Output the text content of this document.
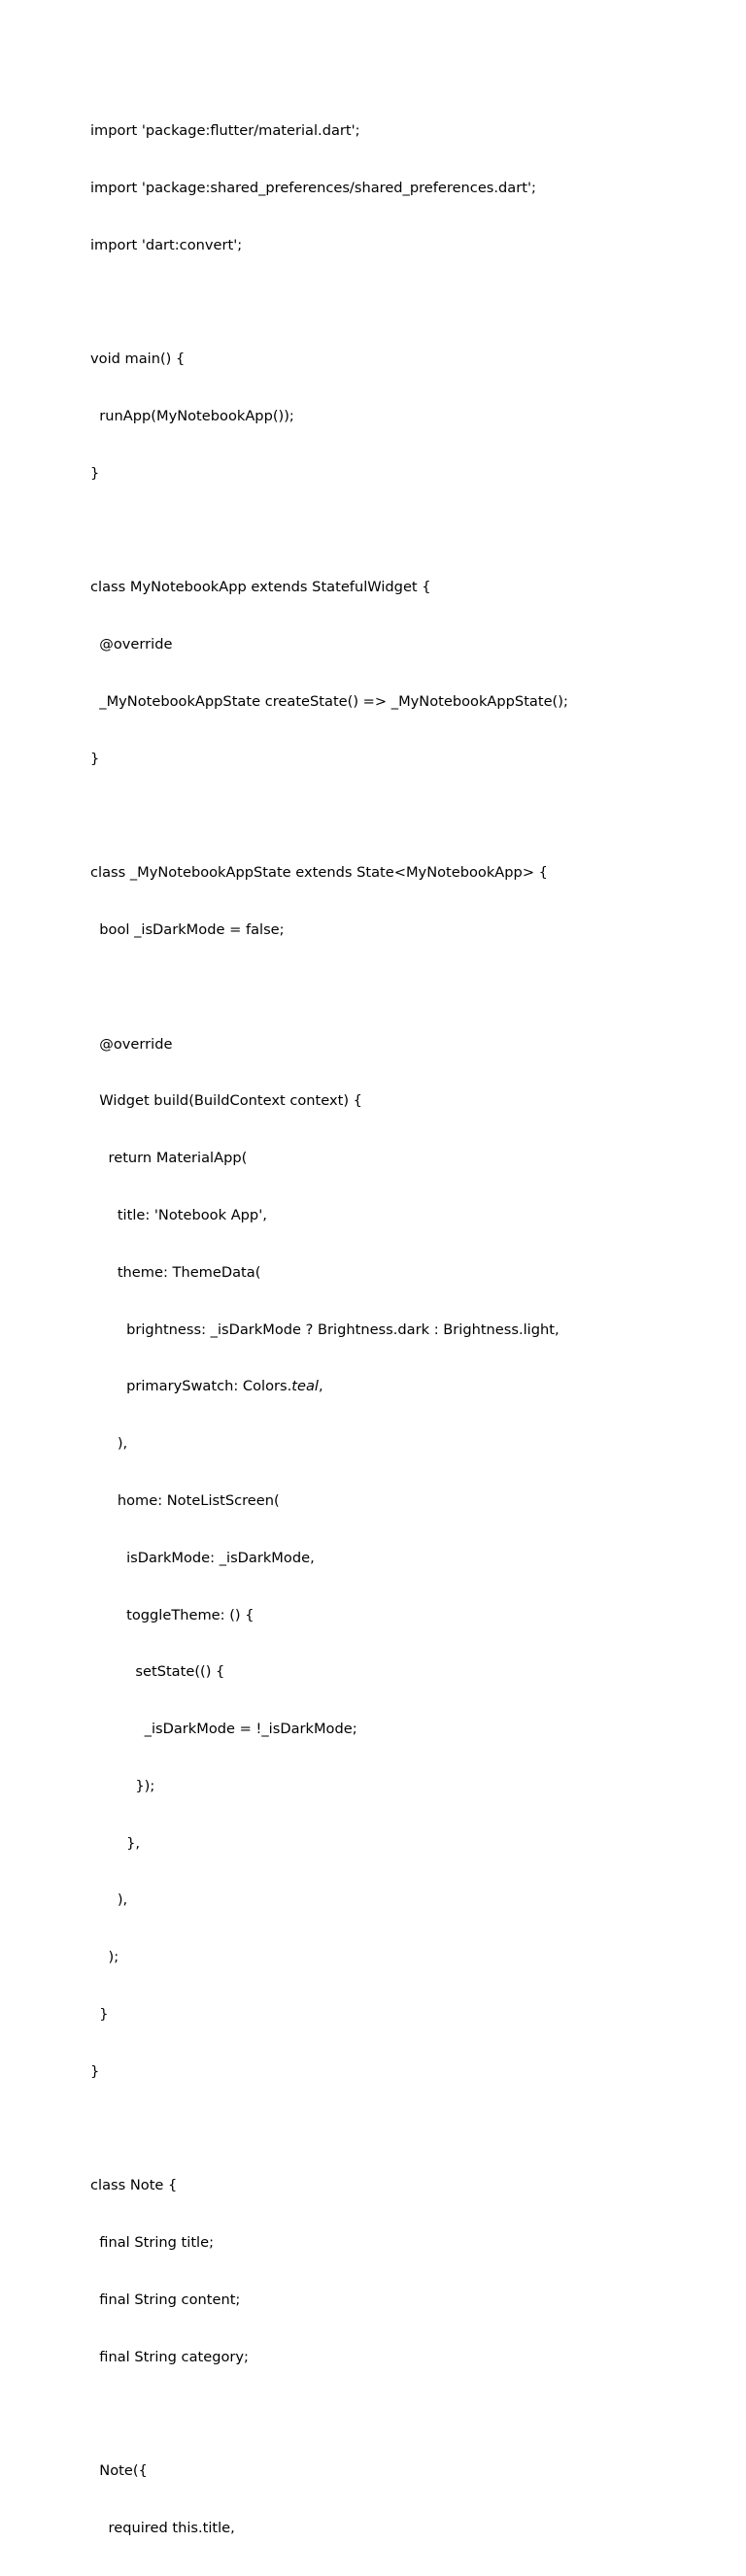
import 'package:flutter/material.dart';

import 'package:shared_preferences/shared_preferences.dart';

import 'dart:convert';

void main() {

runApp(MyNotebookApp());

}

class MyNotebookApp extends StatefulWidget {

@override

_MyNotebookAppState createState() => _MyNotebookAppState();

}

class _MyNotebookAppState extends State<MyNotebookApp> {

bool _isDarkMode = false;

@override

Widget build(BuildContext context) {

return MaterialApp(

title: 'Notebook App',

theme: ThemeData(

brightness: _isDarkMode ? Brightness.dark : Brightness.light,

primarySwatch: Colors.teal,

),

home: NoteListScreen(

isDarkMode: _isDarkMode,

toggleTheme: () {

setState(() {

_isDarkMode = !_isDarkMode;

});

},

),

);

}

}

class Note {

final String title;

final String content;

final String category;

Note({

required this.title,
